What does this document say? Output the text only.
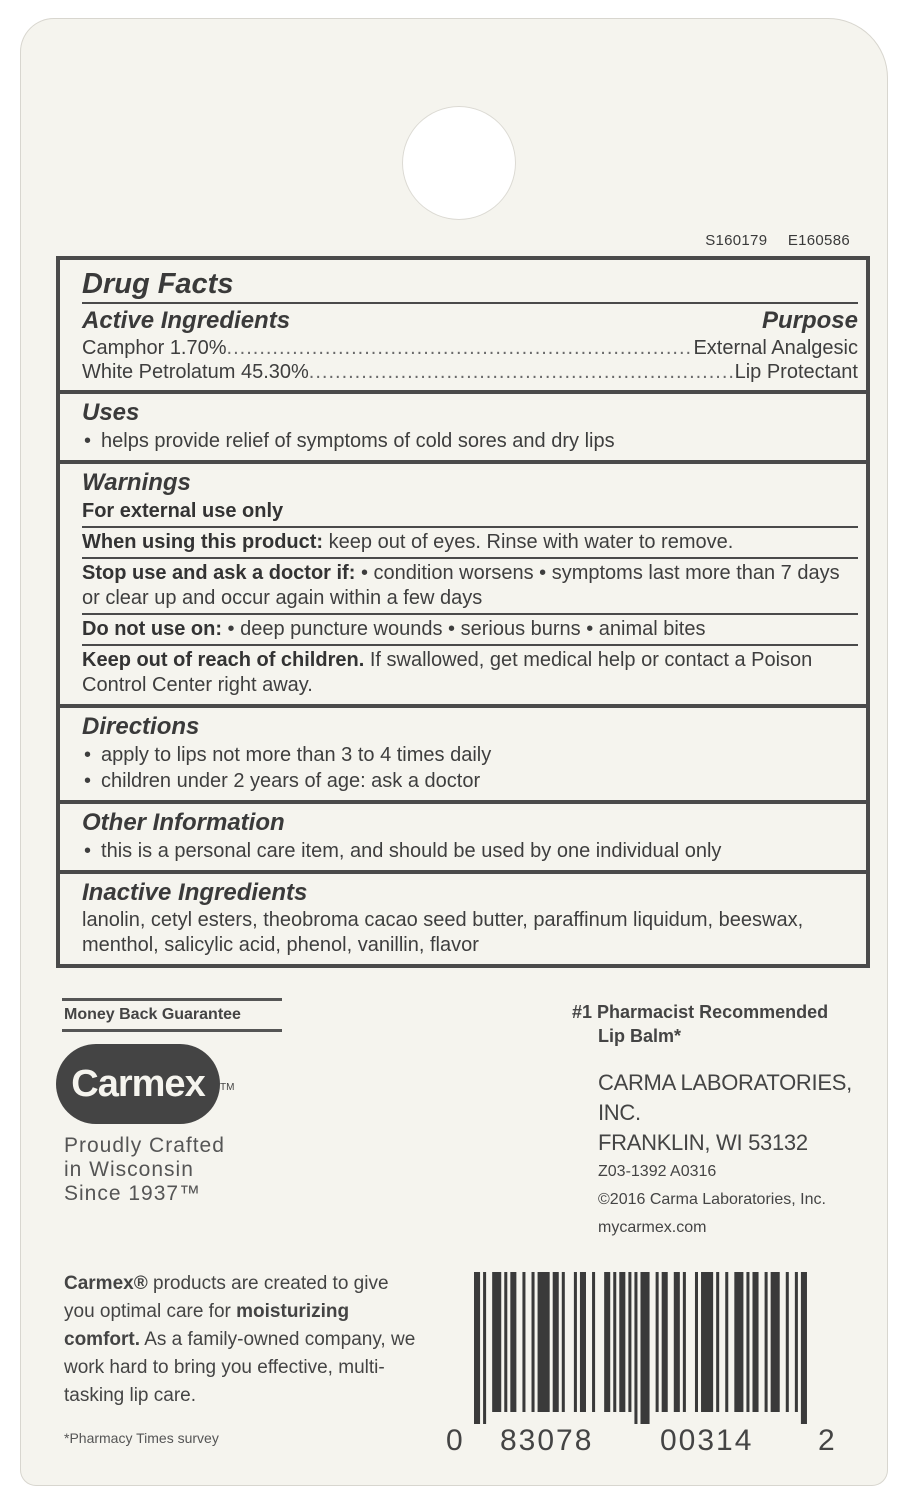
S160179 E160586
Drug Facts
Active Ingredients	Purpose
Camphor 1.70% .....	External Analgesic
White Petrolatum 45.30% .....	Lip Protectant
Uses
• helps provide relief of symptoms of cold sores and dry lips
Warnings
For external use only
When using this product: keep out of eyes. Rinse with water to remove.
Stop use and ask a doctor if: • condition worsens • symptoms last more than 7 days or clear up and occur again within a few days
Do not use on: • deep puncture wounds • serious burns • animal bites
Keep out of reach of children. If swallowed, get medical help or contact a Poison Control Center right away.
Directions
• apply to lips not more than 3 to 4 times daily
• children under 2 years of age: ask a doctor
Other Information
• this is a personal care item, and should be used by one individual only
Inactive Ingredients
lanolin, cetyl esters, theobroma cacao seed butter, paraffinum liquidum, beeswax, menthol, salicylic acid, phenol, vanillin, flavor
Money Back Guarantee
Carmex TM
Proudly Crafted
in Wisconsin
Since 1937™
#1 Pharmacist Recommended
Lip Balm*
CARMA LABORATORIES, INC.
FRANKLIN, WI 53132
Z03-1392 A0316
©2016 Carma Laboratories, Inc.
mycarmex.com
Carmex® products are created to give you optimal care for moisturizing comfort. As a family-owned company, we work hard to bring you effective, multi-tasking lip care.
*Pharmacy Times survey	0 83078 00314 2
